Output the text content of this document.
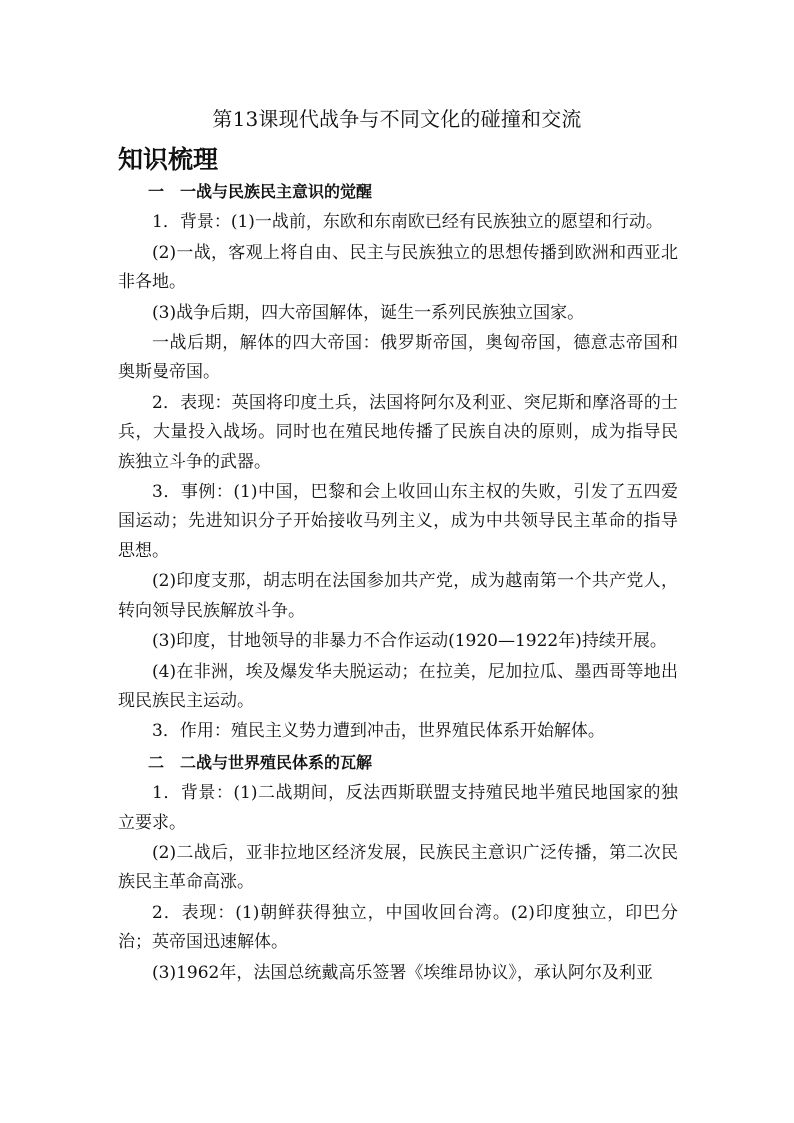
第13课现代战争与不同文化的碰撞和交流
知识梳理
一　一战与民族民主意识的觉醒

1．背景：(1)一战前，东欧和东南欧已经有民族独立的愿望和行动。

(2)一战，客观上将自由、民主与民族独立的思想传播到欧洲和西亚北非各地。

(3)战争后期，四大帝国解体，诞生一系列民族独立国家。

一战后期，解体的四大帝国：俄罗斯帝国，奥匈帝国，德意志帝国和奥斯曼帝国。

2．表现：英国将印度土兵，法国将阿尔及利亚、突尼斯和摩洛哥的士兵，大量投入战场。同时也在殖民地传播了民族自决的原则，成为指导民族独立斗争的武器。

3．事例：(1)中国，巴黎和会上收回山东主权的失败，引发了五四爱国运动；先进知识分子开始接收马列主义，成为中共领导民主革命的指导思想。

(2)印度支那，胡志明在法国参加共产党，成为越南第一个共产党人，转向领导民族解放斗争。

(3)印度，甘地领导的非暴力不合作运动(1920—1922年)持续开展。

(4)在非洲，埃及爆发华夫脱运动；在拉美，尼加拉瓜、墨西哥等地出现民族民主运动。

3．作用：殖民主义势力遭到冲击，世界殖民体系开始解体。

二　二战与世界殖民体系的瓦解

1．背景：(1)二战期间，反法西斯联盟支持殖民地半殖民地国家的独立要求。

(2)二战后，亚非拉地区经济发展，民族民主意识广泛传播，第二次民族民主革命高涨。

2．表现：(1)朝鲜获得独立，中国收回台湾。(2)印度独立，印巴分治；英帝国迅速解体。

(3)1962年，法国总统戴高乐签署《埃维昂协议》，承认阿尔及利亚
